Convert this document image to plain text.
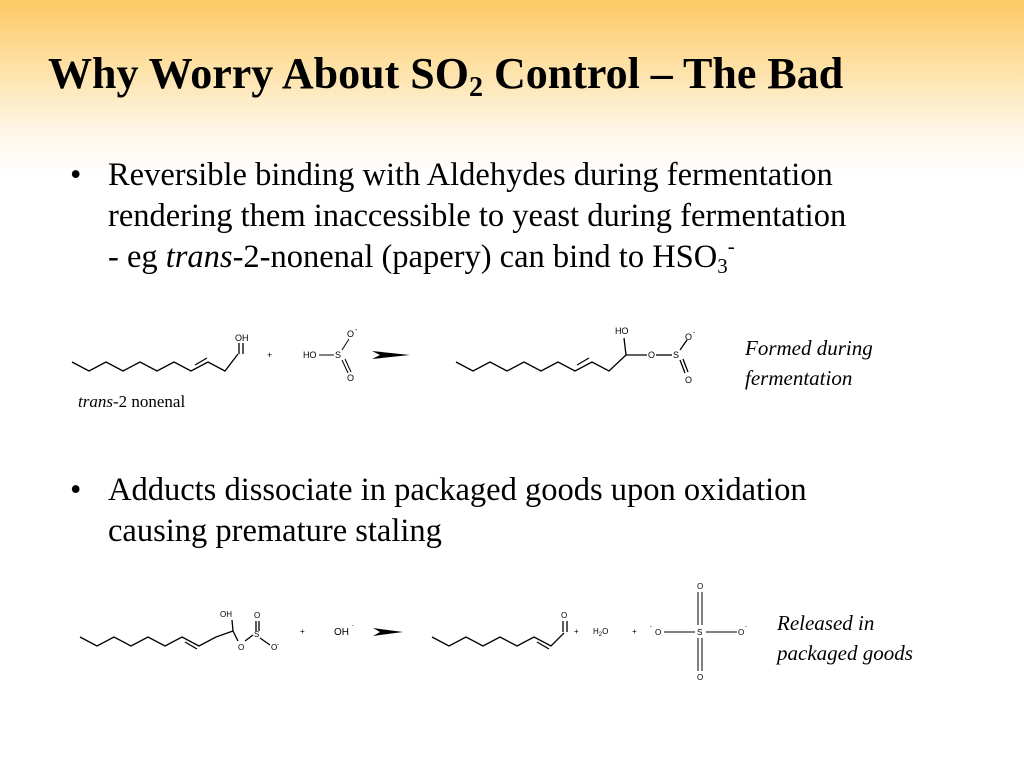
Why Worry About $SO_2$ Control – The Bad
• Reversible binding with Aldehydes during fermentation
rendering them inaccessible to yeast during fermentation
- eg trans-2-nonenal (papery) can bind to $HSO_3^-$
OH
+	HO S
O -
O
HO
O S
O -
O
trans-2 nonenal
Formed during
fermentation
• Adducts dissociate in packaged goods upon oxidation
causing premature staling
OH	O
O
S
O -
+	OH
-
O
+ $H_2O$	+ -
O	S	O
-
O
O
Released in
packaged goods
